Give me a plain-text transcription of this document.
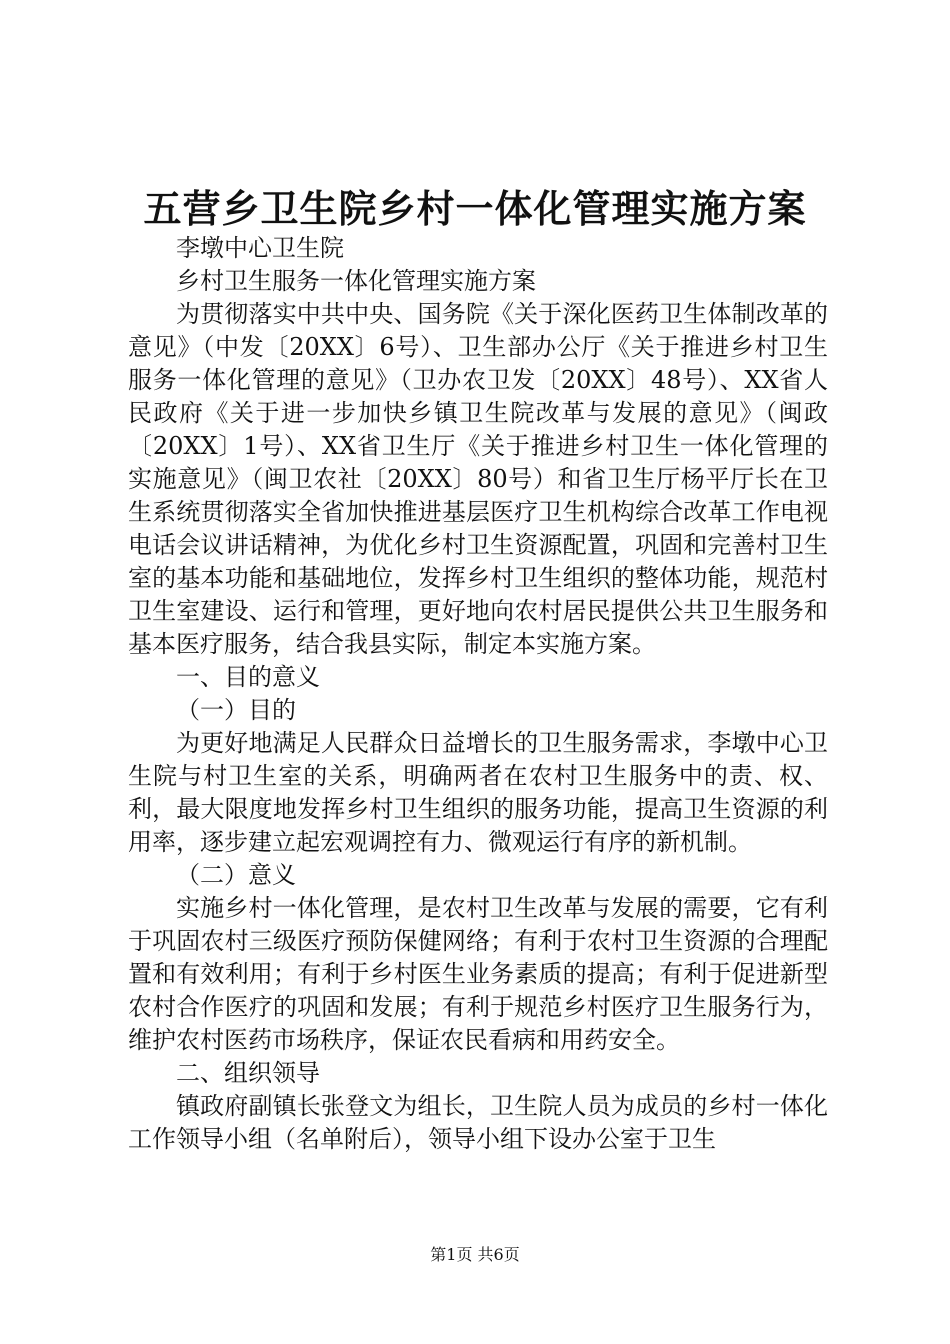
五营乡卫生院乡村一体化管理实施方案

李墩中心卫生院

乡村卫生服务一体化管理实施方案

为贯彻落实中共中央、国务院《关于深化医药卫生体制改革的意见》（中发〔20XX〕6号）、卫生部办公厅《关于推进乡村卫生服务一体化管理的意见》（卫办农卫发〔20XX〕48号）、XX省人民政府《关于进一步加快乡镇卫生院改革与发展的意见》（闽政〔20XX〕1号）、XX省卫生厅《关于推进乡村卫生一体化管理的实施意见》（闽卫农社〔20XX〕80号）和省卫生厅杨平厅长在卫生系统贯彻落实全省加快推进基层医疗卫生机构综合改革工作电视电话会议讲话精神，为优化乡村卫生资源配置，巩固和完善村卫生室的基本功能和基础地位，发挥乡村卫生组织的整体功能，规范村卫生室建设、运行和管理，更好地向农村居民提供公共卫生服务和基本医疗服务，结合我县实际，制定本实施方案。

一、目的意义

（一）目的

为更好地满足人民群众日益增长的卫生服务需求，李墩中心卫生院与村卫生室的关系，明确两者在农村卫生服务中的责、权、利，最大限度地发挥乡村卫生组织的服务功能，提高卫生资源的利用率，逐步建立起宏观调控有力、微观运行有序的新机制。

（二）意义

实施乡村一体化管理，是农村卫生改革与发展的需要，它有利于巩固农村三级医疗预防保健网络；有利于农村卫生资源的合理配置和有效利用；有利于乡村医生业务素质的提高；有利于促进新型农村合作医疗的巩固和发展；有利于规范乡村医疗卫生服务行为，维护农村医药市场秩序，保证农民看病和用药安全。

二、组织领导

镇政府副镇长张登文为组长，卫生院人员为成员的乡村一体化工作领导小组（名单附后），领导小组下设办公室于卫生

第1页 共6页
